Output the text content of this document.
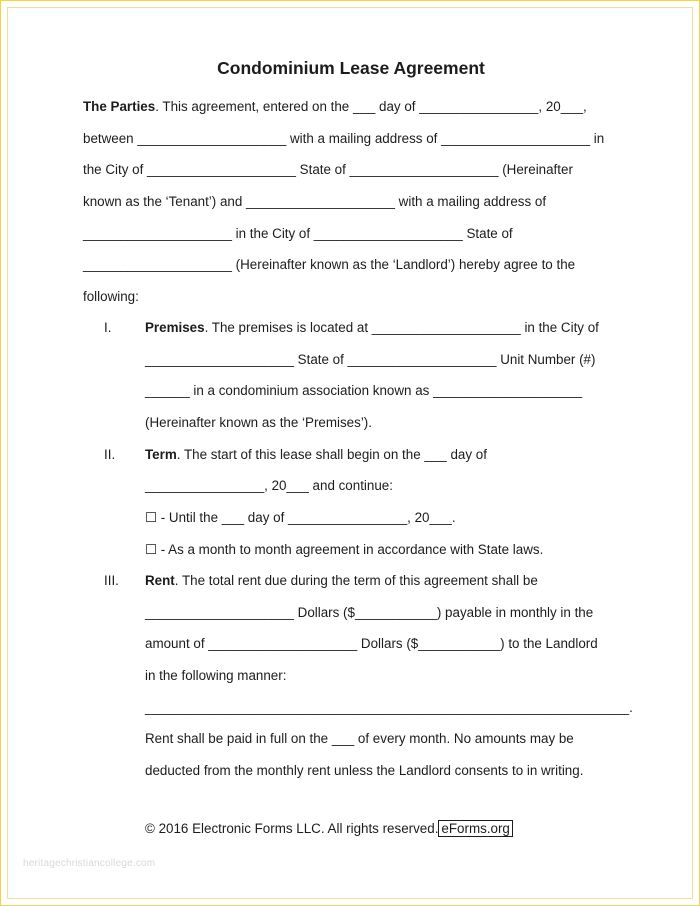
Condominium Lease Agreement
The Parties. This agreement, entered on the ___ day of ________________, 20___,
between ____________________ with a mailing address of ____________________ in
the City of ____________________ State of ____________________ (Hereinafter
known as the ‘Tenant’) and ____________________ with a mailing address of
____________________ in the City of ____________________ State of
____________________ (Hereinafter known as the ‘Landlord’) hereby agree to the
following:
I.	Premises. The premises is located at ____________________ in the City of
____________________ State of ____________________ Unit Number (#)
______ in a condominium association known as ____________________
(Hereinafter known as the ‘Premises’).
II. Term. The start of this lease shall begin on the ___ day of
________________, 20___ and continue:
☐ - Until the ___ day of ________________, 20___.
☐ - As a month to month agreement in accordance with State laws.
III. Rent. The total rent due during the term of this agreement shall be
____________________ Dollars ($___________) payable in monthly in the
amount of ____________________ Dollars ($___________) to the Landlord
in the following manner:
_________________________________________________________________.
Rent shall be paid in full on the ___ of every month. No amounts may be
deducted from the monthly rent unless the Landlord consents to in writing.
© 2016 Electronic Forms LLC. All rights reserved. eForms.org
heritagechristiancollege.com
